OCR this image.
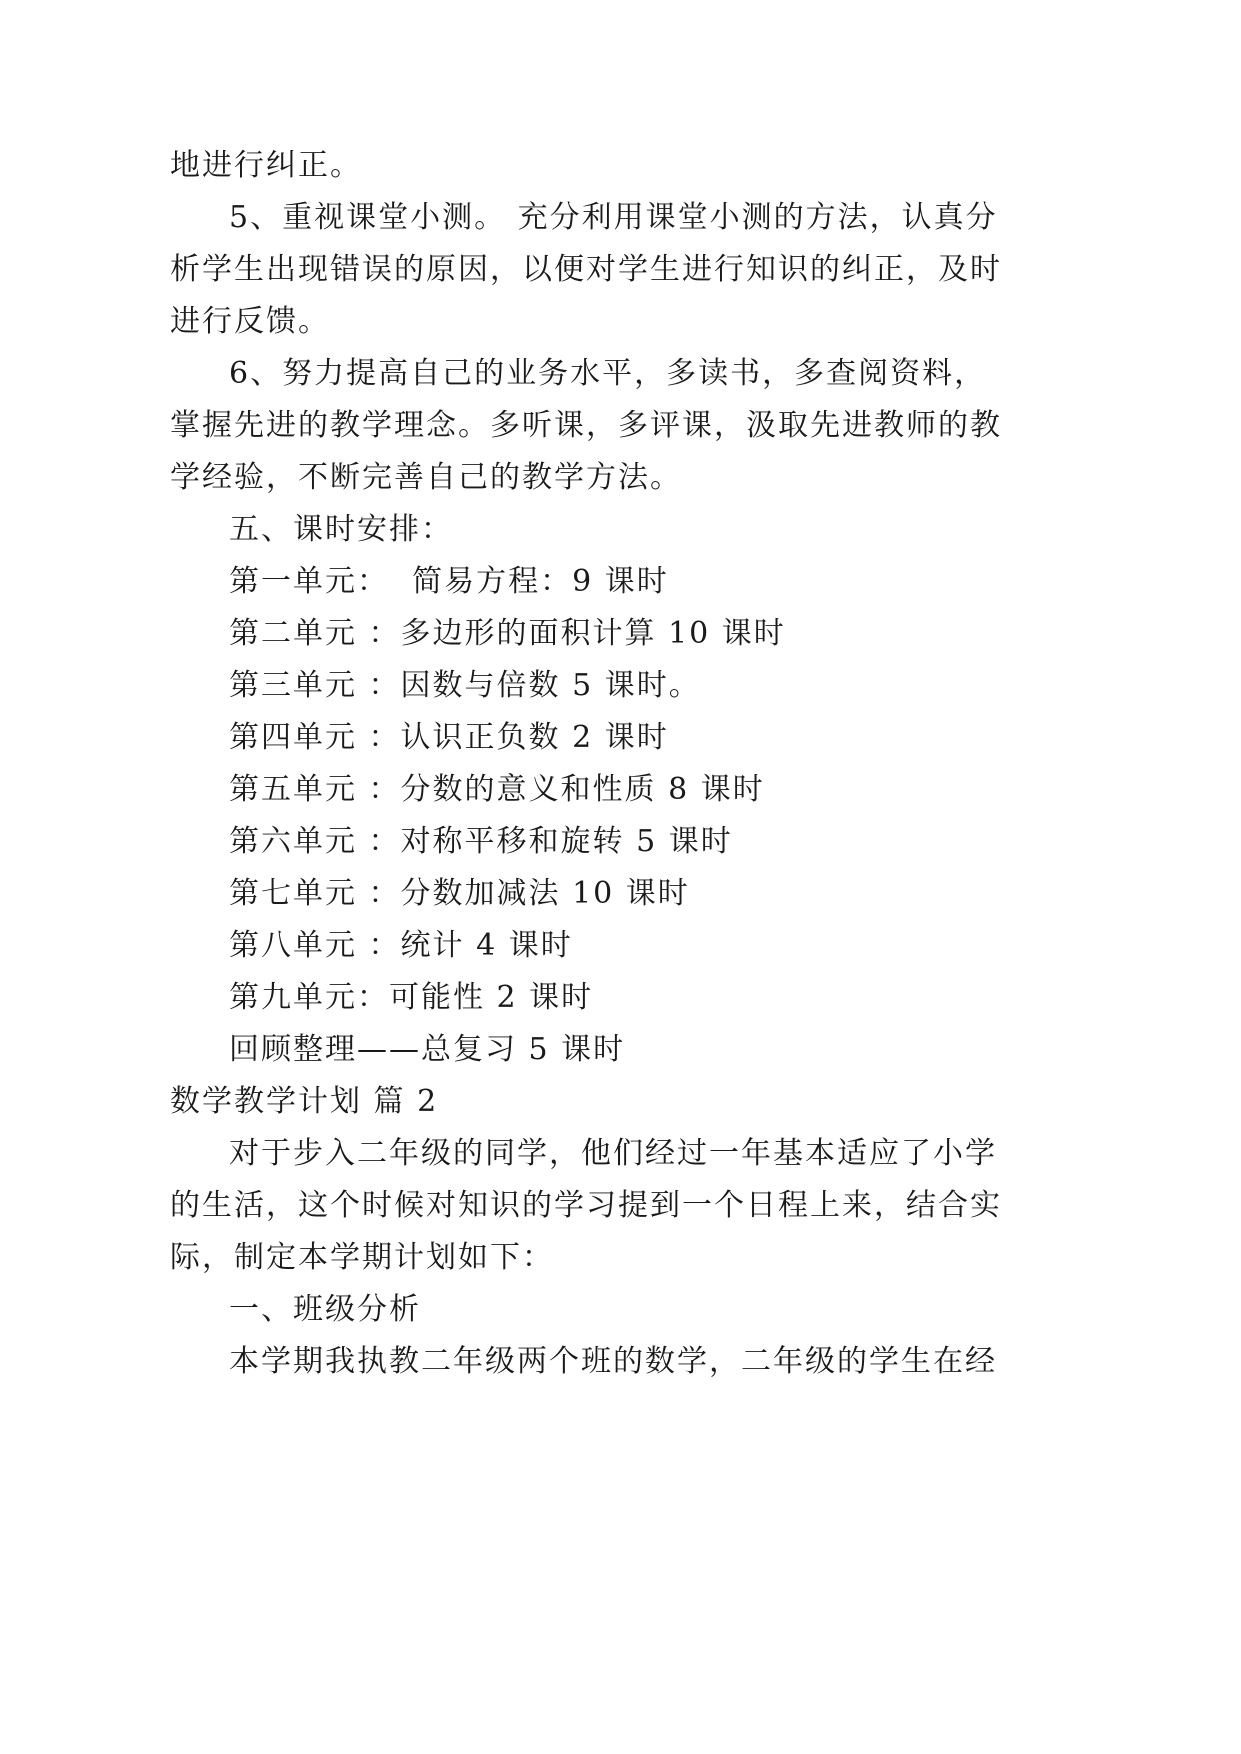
地进行纠正。
5、重视课堂小测。 充分利用课堂小测的方法，认真分
析学生出现错误的原因，以便对学生进行知识的纠正，及时
进行反馈。
6、努力提高自己的业务水平，多读书，多查阅资料，
掌握先进的教学理念。多听课，多评课，汲取先进教师的教
学经验，不断完善自己的教学方法。
五、课时安排：
第一单元：  简易方程：9 课时
第二单元 ：多边形的面积计算 10 课时
第三单元 ：因数与倍数 5 课时。
第四单元 ：认识正负数 2 课时
第五单元 ：分数的意义和性质 8 课时
第六单元 ：对称平移和旋转 5 课时
第七单元 ：分数加减法 10 课时
第八单元 ：统计 4 课时
第九单元：可能性 2 课时
回顾整理——总复习 5 课时
数学教学计划 篇 2
对于步入二年级的同学，他们经过一年基本适应了小学
的生活，这个时候对知识的学习提到一个日程上来，结合实
际，制定本学期计划如下：
一、班级分析
本学期我执教二年级两个班的数学，二年级的学生在经
